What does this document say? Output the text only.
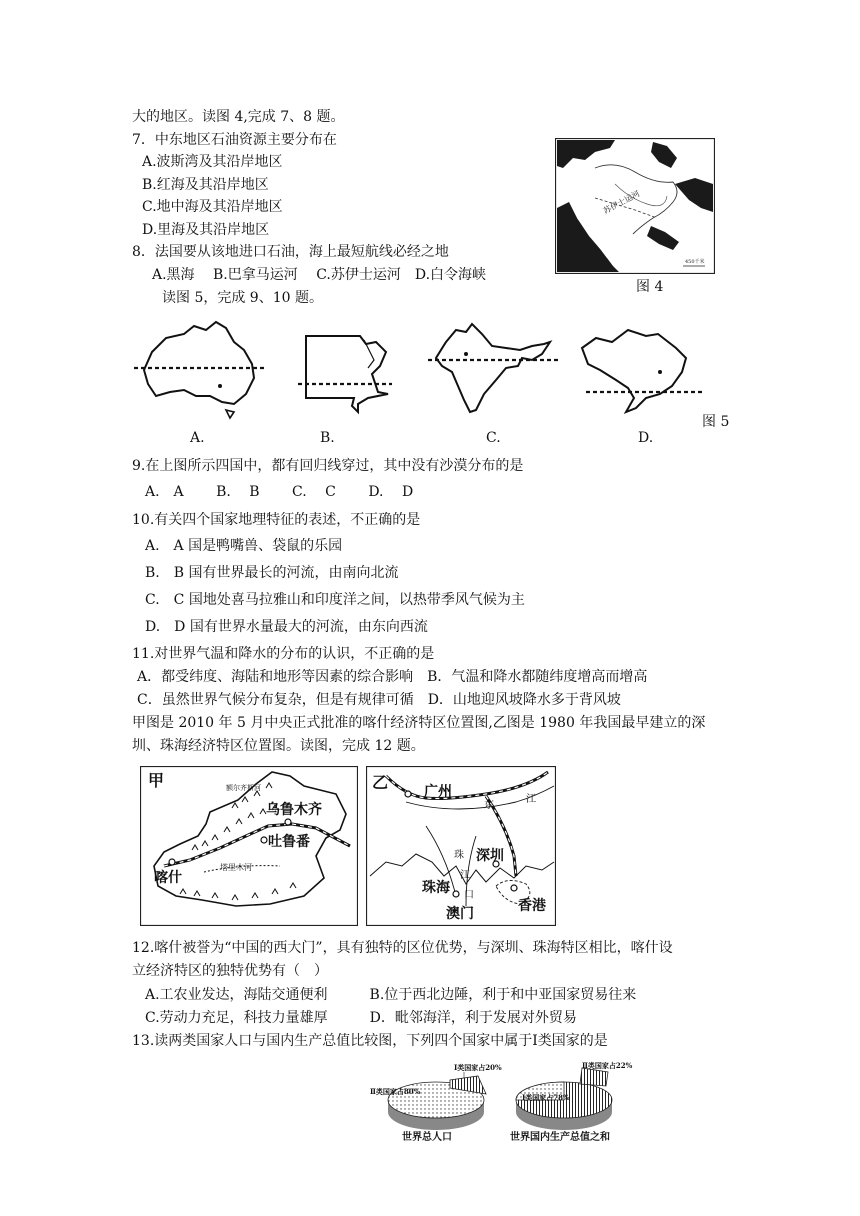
大的地区。读图 4,完成 7、8 题。
7．中东地区石油资源主要分布在
A.波斯湾及其沿岸地区
B.红海及其沿岸地区
C.地中海及其沿岸地区
D.里海及其沿岸地区
8．法国要从该地进口石油，海上最短航线必经之地
A.黑海　 B.巴拿马运河　 C.苏伊士运河　D.白令海峡
读图 5，完成 9、10 题。
苏伊士运河
450千米
图 4
A.	B.	C.	D.
图 5
9.在上图所示四国中，都有回归线穿过，其中没有沙漠分布的是
A.　A　　 B.　 B　　 C.　 C　　 D.　 D
10.有关四个国家地理特征的表述，不正确的是
A.　A 国是鸭嘴兽、袋鼠的乐园
B.　B 国有世界最长的河流，由南向北流
C.　C 国地处喜马拉雅山和印度洋之间，以热带季风气候为主
D.　D 国有世界水量最大的河流，由东向西流
11.对世界气温和降水的分布的认识，不正确的是
A．都受纬度、海陆和地形等因素的综合影响　B．气温和降水都随纬度增高而增高
C．虽然世界气候分布复杂，但是有规律可循　D．山地迎风坡降水多于背风坡
甲图是 2010 年 5 月中央正式批准的喀什经济特区位置图,乙图是 1980 年我国最早建立的深
圳、珠海经济特区位置图。读图，完成 12 题。
甲	额尔齐斯河
乌鲁木齐
吐鲁番
喀什
塔里木河
乙	广州
东
江
深圳
珠
江
口
珠海
澳门	香港
12.喀什被誉为“中国的西大门”，具有独特的区位优势，与深圳、珠海特区相比，喀什设
立经济特区的独特优势有（　）
A.工农业发达，海陆交通便利　　　B.位于西北边陲，利于和中亚国家贸易往来
C.劳动力充足，科技力量雄厚　　　D．毗邻海洋，利于发展对外贸易
13.读两类国家人口与国内生产总值比较图，下列四个国家中属于Ⅰ类国家的是
Ⅰ类国家占20%
Ⅱ类国家占80%
Ⅱ类国家占22%
Ⅰ类国家占78%
世界总人口	世界国内生产总值之和
